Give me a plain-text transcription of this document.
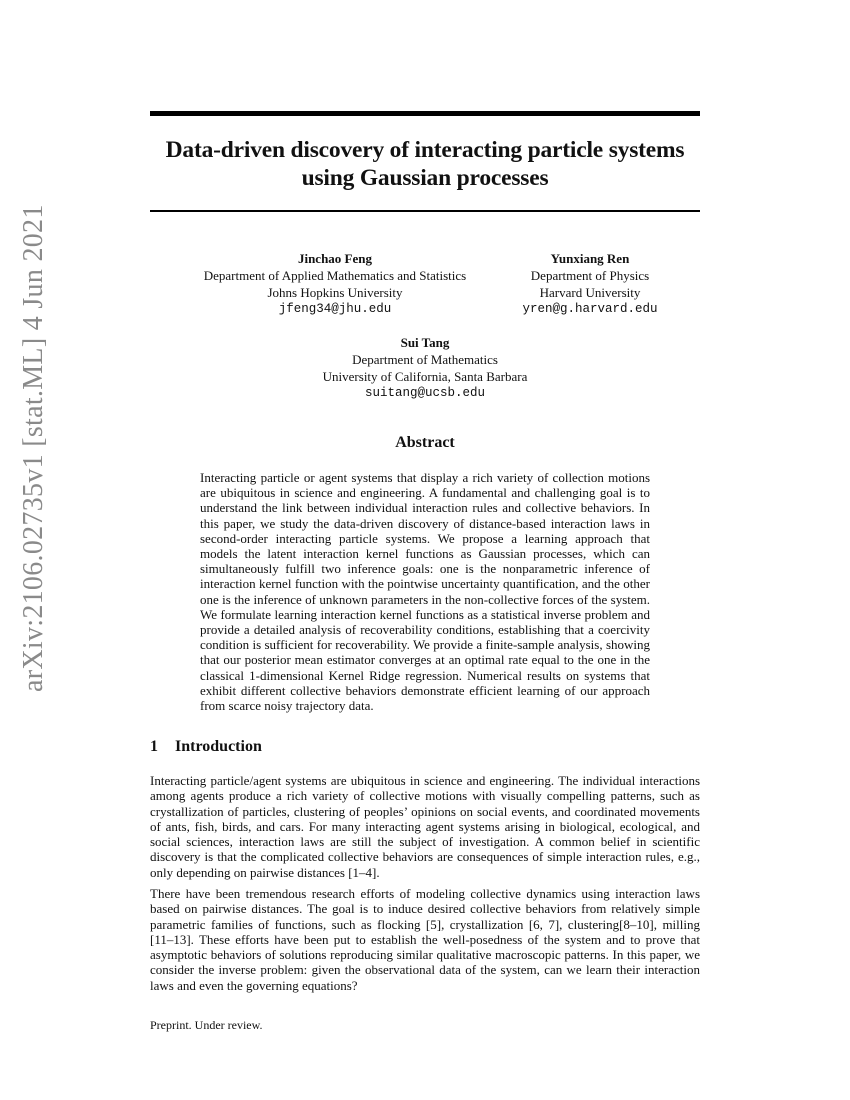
arXiv:2106.02735v1 [stat.ML] 4 Jun 2021
Data-driven discovery of interacting particle systems using Gaussian processes
Jinchao Feng
Department of Applied Mathematics and Statistics
Johns Hopkins University
jfeng34@jhu.edu
Yunxiang Ren
Department of Physics
Harvard University
yren@g.harvard.edu
Sui Tang
Department of Mathematics
University of California, Santa Barbara
suitang@ucsb.edu
Abstract

Interacting particle or agent systems that display a rich variety of collection motions are ubiquitous in science and engineering. A fundamental and challenging goal is to understand the link between individual interaction rules and collective behaviors. In this paper, we study the data-driven discovery of distance-based interaction laws in second-order interacting particle systems. We propose a learning approach that models the latent interaction kernel functions as Gaussian processes, which can simultaneously fulfill two inference goals: one is the nonparametric inference of interaction kernel function with the pointwise uncertainty quantification, and the other one is the inference of unknown parameters in the non-collective forces of the system. We formulate learning interaction kernel functions as a statistical inverse problem and provide a detailed analysis of recoverability conditions, establishing that a coercivity condition is sufficient for recoverability. We provide a finite-sample analysis, showing that our posterior mean estimator converges at an optimal rate equal to the one in the classical 1-dimensional Kernel Ridge regression. Numerical results on systems that exhibit different collective behaviors demonstrate efficient learning of our approach from scarce noisy trajectory data.

1 Introduction

Interacting particle/agent systems are ubiquitous in science and engineering. The individual interactions among agents produce a rich variety of collective motions with visually compelling patterns, such as crystallization of particles, clustering of peoples’ opinions on social events, and coordinated movements of ants, fish, birds, and cars. For many interacting agent systems arising in biological, ecological, and social sciences, interaction laws are still the subject of investigation. A common belief in scientific discovery is that the complicated collective behaviors are consequences of simple interaction rules, e.g., only depending on pairwise distances [1–4].

There have been tremendous research efforts of modeling collective dynamics using interaction laws based on pairwise distances. The goal is to induce desired collective behaviors from relatively simple parametric families of functions, such as flocking [5], crystallization [6, 7], clustering[8–10], milling [11–13]. These efforts have been put to establish the well-posedness of the system and to prove that asymptotic behaviors of solutions reproducing similar qualitative macroscopic patterns. In this paper, we consider the inverse problem: given the observational data of the system, can we learn their interaction laws and even the governing equations?

Preprint. Under review.
